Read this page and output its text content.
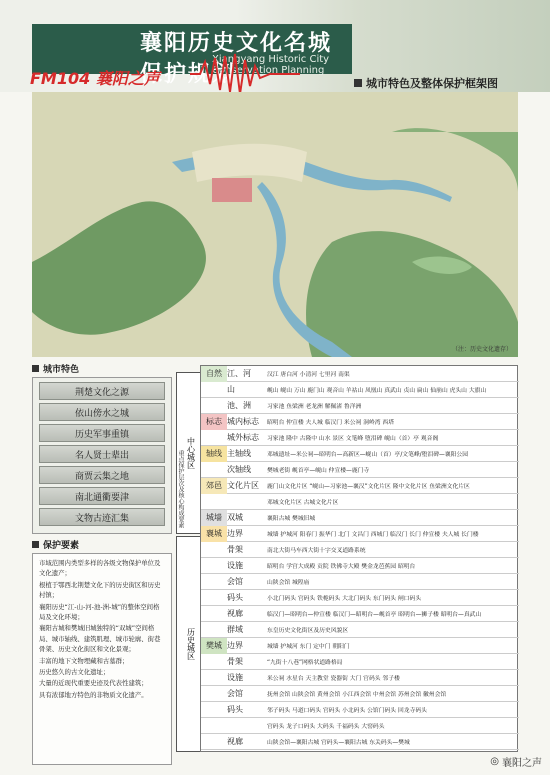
襄阳历史文化名城保护规划
Xiangyang Historic City Conservation Planning
FM104 襄阳之声	城市特色及整体保护框架图
（注：历史文化遗存）
城市特色
荆楚文化之源
依山傍水之城
历史军事重镇
名人贤士辈出
商贾云集之地
南北通衢要津
文物古迹汇集
保护要素

市域范围内类型多样的各级文物保护单位及文化遗产；

根植于鄂西北荆楚文化下的历史街区和历史村镇；

襄阳历史“江-山-河-池-洲-城”的整体空间格局及文化环境；

襄阳古城和樊城旧城独特的“双城”空间格局、城市轴线、建筑肌理、城市轮廓、街巷骨架、历史文化街区和文化景观；

丰富的地下文物埋藏和古墓群；

历史悠久的古文化遗址；

大量的近现代重要史迹及代表性建筑；

具有浓郁地方特色的非物质文化遗产。

中心城区
历史城区
重点保护层次及核心构成要素
自然 江、河	汉江 唐白河 小清河 七里河 南渠
山	岘山 岘山 万山 鹿门山 观音山 羊祜山 凤凰山 真武山 贞山 扁山 仙崩山 虎头山 大旗山
池、洲	习家池 鱼梁洲 老龙洲 解佩渚 鲁洋洲
标志 城内标志	昭明台 仲宣楼 夫人城 临汉门 米公祠 洞岭湾 西塔
城外标志	习家池 隆中 古隆中 山水 景区 文笔峰 堕泪碑 岘山（首）亭 观音阁
轴线 主轴线	邓城遗址—米公祠—昭明台—高新区—岘山（首）亭/文笔峰/堕泪碑—襄阳公园
次轴线	樊城老街 岘首亭—岘山 仲宣楼—鹿门寺
郊邑 文化片区	鹿门山文化片区 “岘山—习家池—襄汉”文化片区 隆中文化片区 鱼梁洲文化片区
邓城文化片区 古城文化片区
城墙 双城	襄阳古城 樊城旧城
襄城 边界	城墙 护城河 阳春门 振华门 北门 文昌门 西城门 临汉门 长门 仲宣楼 夫人城 长门楼
骨架	南北大街马车西大街十字交叉道路系统
设施	昭明台 学宫大成殿 贡院 铁佛寺大殿 樊金龙芭蕉园 昭明台
会馆	山陕会馆 城隍庙
码头	小北门码头 官码头 铁桅码头 大北门码头 东门码头 闸口码头
视廊	临汉门—昭明台—仲宣楼 临汉门—昭明台—岘首亭 昭明台—狮子楼 昭明台—真武山
群域	东皇历史文化街区及历史风貌区
樊城 边界	城墙 护城河 东门 定中门 朝阳门
骨架	“九街十八巷”网格状道路格局
设施	米公祠 水星台 天主教堂 瓷器街 大门 官码头 邻子楼
会馆	抚州会馆 山陕会馆 黄州会馆 小江西会馆 中州会馆 苏州会馆 徽州会馆
码头	邻子码头 马道口码头 官码头 小北码头 公馆门码头 回龙寺码头
官码头 龙子口码头 大码头 千福码头 大窑码头
视廊	山陕会馆—襄阳古城 官码头—襄阳古城 东关码头—樊城
◎ 襄阳之声
